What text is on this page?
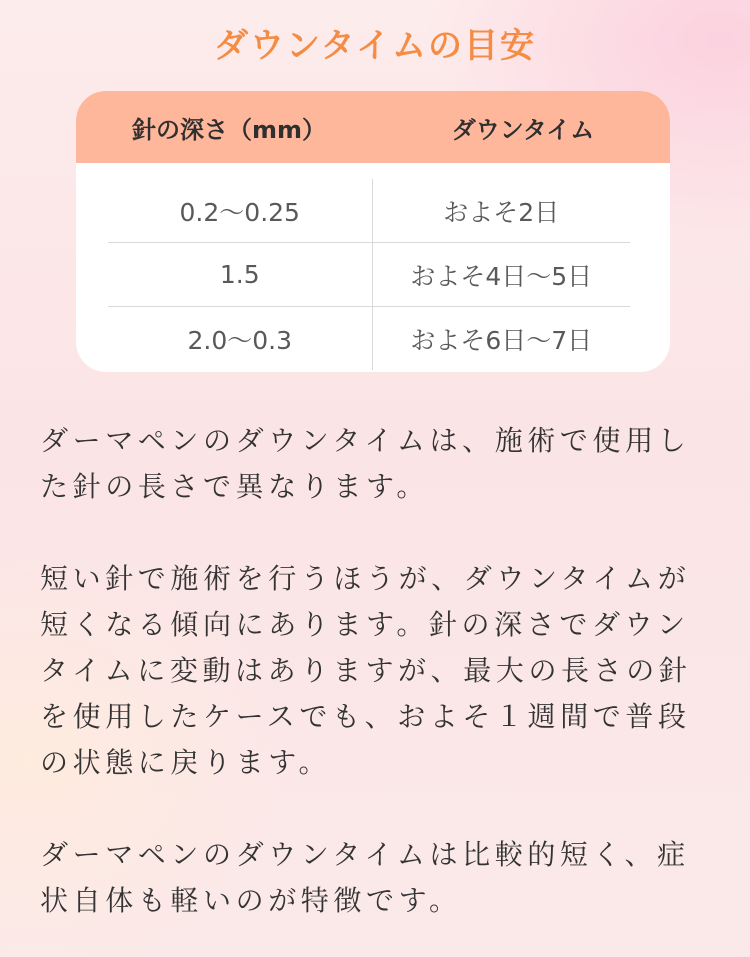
ダウンタイムの目安
針の深さ（mm）	ダウンタイム
0.2〜0.25	およそ2日
1.5	およそ4日〜5日
2.0〜0.3	およそ6日〜7日

ダーマペンのダウンタイムは、施術で使用した針の長さで異なります。

短い針で施術を行うほうが、ダウンタイムが短くなる傾向にあります。針の深さでダウンタイムに変動はありますが、最大の長さの針を使用したケースでも、およそ１週間で普段の状態に戻ります。

ダーマペンのダウンタイムは比較的短く、症状自体も軽いのが特徴です。
